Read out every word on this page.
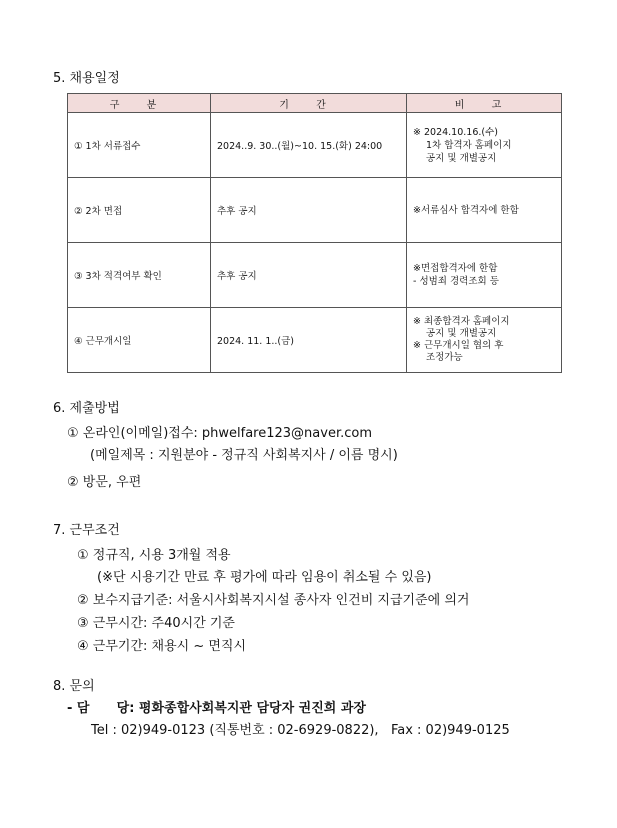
5. 채용일정
구 분	기 간	비 고
① 1차 서류접수	2024..9. 30..(월)~10. 15.(화) 24:00	※ 2024.10.16.(수)
1차 합격자 홈페이지
공지 및 개별공지

② 2차 면접	추후 공지	※서류심사 합격자에 한함

③ 3차 적격여부 확인	추후 공지	※면접합격자에 한함
- 성범죄 경력조회 등

④ 근무개시일	2024. 11. 1..(금)	※ 최종합격자 홈페이지
공지 및 개별공지
※ 근무개시일 협의 후
조정가능
6. 제출방법
① 온라인(이메일)접수: phwelfare123@naver.com
(메일제목 : 지원분야 - 정규직 사회복지사 / 이름 명시)
② 방문, 우편
7. 근무조건
① 정규직, 시용 3개월 적용
(※단 시용기간 만료 후 평가에 따라 임용이 취소될 수 있음)
② 보수지급기준: 서울시사회복지시설 종사자 인건비 지급기준에 의거
③ 근무시간: 주40시간 기준
④ 근무기간: 채용시 ~ 면직시
8. 문의
- 담      당: 평화종합사회복지관 담당자 권진희 과장
Tel : 02)949-0123 (직통번호 : 02-6929-0822),   Fax : 02)949-0125
